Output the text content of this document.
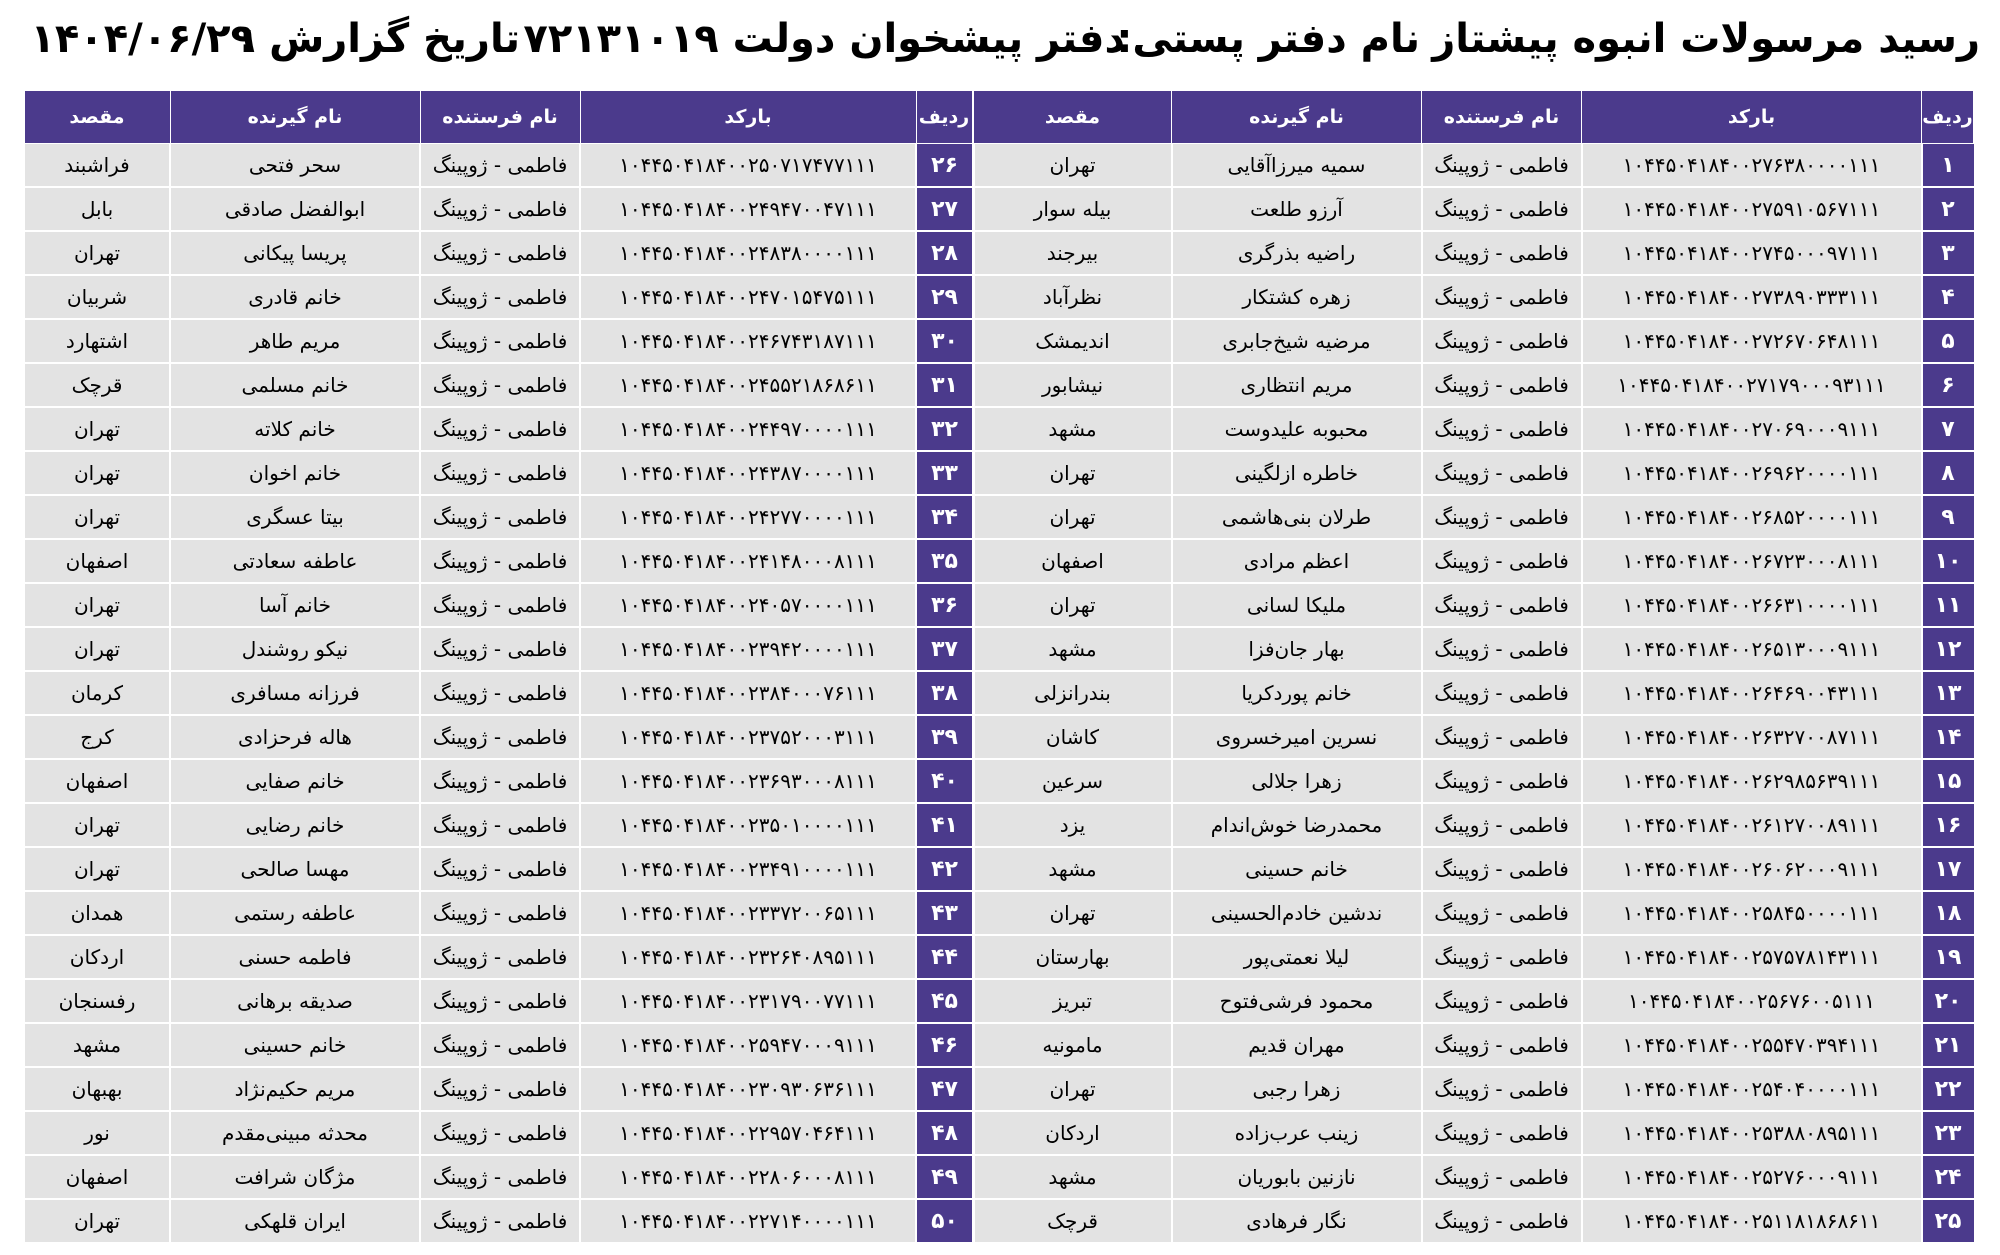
رسید مرسولات انبوه پیشتاز
نام دفتر پستی:
دفتر پیشخوان دولت ۷۲۱۳۱۰۱۹
تاریخ گزارش :
۱۴۰۴/۰۶/۲۹
ردیف	بارکد	نام فرستنده	نام گیرنده	مقصد
۱	۱۰۴۴۵۰۴۱۸۴۰۰۲۷۶۳۸۰۰۰۰۱۱۱	فاطمی - ژوپینگ	سمیه میرزاآقایی	تهران
۲	۱۰۴۴۵۰۴۱۸۴۰۰۲۷۵۹۱۰۵۶۷۱۱۱	فاطمی - ژوپینگ	آرزو طلعت	بیله سوار
۳	۱۰۴۴۵۰۴۱۸۴۰۰۲۷۴۵۰۰۰۹۷۱۱۱	فاطمی - ژوپینگ	راضیه بذرگری	بیرجند
۴	۱۰۴۴۵۰۴۱۸۴۰۰۲۷۳۸۹۰۳۳۳۱۱۱	فاطمی - ژوپینگ	زهره کشتکار	نظرآباد
۵	۱۰۴۴۵۰۴۱۸۴۰۰۲۷۲۶۷۰۶۴۸۱۱۱	فاطمی - ژوپینگ	مرضیه شیخ‌جابری	اندیمشک
۶	۱۰۴۴۵۰۴۱۸۴۰۰۲۷۱۷۹۰۰۰۹۳۱۱۱	فاطمی - ژوپینگ	مریم انتظاری	نیشابور
۷	۱۰۴۴۵۰۴۱۸۴۰۰۲۷۰۶۹۰۰۰۹۱۱۱	فاطمی - ژوپینگ	محبوبه علیدوست	مشهد
۸	۱۰۴۴۵۰۴۱۸۴۰۰۲۶۹۶۲۰۰۰۰۱۱۱	فاطمی - ژوپینگ	خاطره ازلگینی	تهران
۹	۱۰۴۴۵۰۴۱۸۴۰۰۲۶۸۵۲۰۰۰۰۱۱۱	فاطمی - ژوپینگ	طرلان بنی‌هاشمی	تهران
۱۰	۱۰۴۴۵۰۴۱۸۴۰۰۲۶۷۲۳۰۰۰۸۱۱۱	فاطمی - ژوپینگ	اعظم مرادی	اصفهان
۱۱	۱۰۴۴۵۰۴۱۸۴۰۰۲۶۶۳۱۰۰۰۰۱۱۱	فاطمی - ژوپینگ	ملیکا لسانی	تهران
۱۲	۱۰۴۴۵۰۴۱۸۴۰۰۲۶۵۱۳۰۰۰۹۱۱۱	فاطمی - ژوپینگ	بهار جان‌فزا	مشهد
۱۳	۱۰۴۴۵۰۴۱۸۴۰۰۲۶۴۶۹۰۰۴۳۱۱۱	فاطمی - ژوپینگ	خانم پوردکریا	بندرانزلی
۱۴	۱۰۴۴۵۰۴۱۸۴۰۰۲۶۳۲۷۰۰۸۷۱۱۱	فاطمی - ژوپینگ	نسرین امیرخسروی	کاشان
۱۵	۱۰۴۴۵۰۴۱۸۴۰۰۲۶۲۹۸۵۶۳۹۱۱۱	فاطمی - ژوپینگ	زهرا جلالی	سرعین
۱۶	۱۰۴۴۵۰۴۱۸۴۰۰۲۶۱۲۷۰۰۸۹۱۱۱	فاطمی - ژوپینگ	محمدرضا خوش‌اندام	یزد
۱۷	۱۰۴۴۵۰۴۱۸۴۰۰۲۶۰۶۲۰۰۰۹۱۱۱	فاطمی - ژوپینگ	خانم حسینی	مشهد
۱۸	۱۰۴۴۵۰۴۱۸۴۰۰۲۵۸۴۵۰۰۰۰۱۱۱	فاطمی - ژوپینگ	ندشین خادم‌الحسینی	تهران
۱۹	۱۰۴۴۵۰۴۱۸۴۰۰۲۵۷۵۷۸۱۴۳۱۱۱	فاطمی - ژوپینگ	لیلا نعمتی‌پور	بهارستان
۲۰	۱۰۴۴۵۰۴۱۸۴۰۰۲۵۶۷۶۰۰۵۱۱۱	فاطمی - ژوپینگ	محمود فرشی‌فتوح	تبریز
۲۱	۱۰۴۴۵۰۴۱۸۴۰۰۲۵۵۴۷۰۳۹۴۱۱۱	فاطمی - ژوپینگ	مهران قدیم	مامونیه
۲۲	۱۰۴۴۵۰۴۱۸۴۰۰۲۵۴۰۴۰۰۰۰۱۱۱	فاطمی - ژوپینگ	زهرا رجبی	تهران
۲۳	۱۰۴۴۵۰۴۱۸۴۰۰۲۵۳۸۸۰۸۹۵۱۱۱	فاطمی - ژوپینگ	زینب عرب‌زاده	اردکان
۲۴	۱۰۴۴۵۰۴۱۸۴۰۰۲۵۲۷۶۰۰۰۹۱۱۱	فاطمی - ژوپینگ	نازنین بابوریان	مشهد
۲۵	۱۰۴۴۵۰۴۱۸۴۰۰۲۵۱۱۸۱۸۶۸۶۱۱	فاطمی - ژوپینگ	نگار فرهادی	قرچک
ردیف	بارکد	نام فرستنده	نام گیرنده	مقصد
۲۶	۱۰۴۴۵۰۴۱۸۴۰۰۲۵۰۷۱۷۴۷۷۱۱۱	فاطمی - ژوپینگ	سحر فتحی	فراشبند
۲۷	۱۰۴۴۵۰۴۱۸۴۰۰۲۴۹۴۷۰۰۴۷۱۱۱	فاطمی - ژوپینگ	ابوالفضل صادقی	بابل
۲۸	۱۰۴۴۵۰۴۱۸۴۰۰۲۴۸۳۸۰۰۰۰۱۱۱	فاطمی - ژوپینگ	پریسا پیکانی	تهران
۲۹	۱۰۴۴۵۰۴۱۸۴۰۰۲۴۷۰۱۵۴۷۵۱۱۱	فاطمی - ژوپینگ	خانم قادری	شربیان
۳۰	۱۰۴۴۵۰۴۱۸۴۰۰۲۴۶۷۴۳۱۸۷۱۱۱	فاطمی - ژوپینگ	مریم طاهر	اشتهارد
۳۱	۱۰۴۴۵۰۴۱۸۴۰۰۲۴۵۵۲۱۸۶۸۶۱۱	فاطمی - ژوپینگ	خانم مسلمی	قرچک
۳۲	۱۰۴۴۵۰۴۱۸۴۰۰۲۴۴۹۷۰۰۰۰۱۱۱	فاطمی - ژوپینگ	خانم کلاته	تهران
۳۳	۱۰۴۴۵۰۴۱۸۴۰۰۲۴۳۸۷۰۰۰۰۱۱۱	فاطمی - ژوپینگ	خانم اخوان	تهران
۳۴	۱۰۴۴۵۰۴۱۸۴۰۰۲۴۲۷۷۰۰۰۰۱۱۱	فاطمی - ژوپینگ	بیتا عسگری	تهران
۳۵	۱۰۴۴۵۰۴۱۸۴۰۰۲۴۱۴۸۰۰۰۸۱۱۱	فاطمی - ژوپینگ	عاطفه سعادتی	اصفهان
۳۶	۱۰۴۴۵۰۴۱۸۴۰۰۲۴۰۵۷۰۰۰۰۱۱۱	فاطمی - ژوپینگ	خانم آسا	تهران
۳۷	۱۰۴۴۵۰۴۱۸۴۰۰۲۳۹۴۲۰۰۰۰۱۱۱	فاطمی - ژوپینگ	نیکو روشندل	تهران
۳۸	۱۰۴۴۵۰۴۱۸۴۰۰۲۳۸۴۰۰۰۷۶۱۱۱	فاطمی - ژوپینگ	فرزانه مسافری	کرمان
۳۹	۱۰۴۴۵۰۴۱۸۴۰۰۲۳۷۵۲۰۰۰۳۱۱۱	فاطمی - ژوپینگ	هاله فرحزادی	کرج
۴۰	۱۰۴۴۵۰۴۱۸۴۰۰۲۳۶۹۳۰۰۰۸۱۱۱	فاطمی - ژوپینگ	خانم صفایی	اصفهان
۴۱	۱۰۴۴۵۰۴۱۸۴۰۰۲۳۵۰۱۰۰۰۰۱۱۱	فاطمی - ژوپینگ	خانم رضایی	تهران
۴۲	۱۰۴۴۵۰۴۱۸۴۰۰۲۳۴۹۱۰۰۰۰۱۱۱	فاطمی - ژوپینگ	مهسا صالحی	تهران
۴۳	۱۰۴۴۵۰۴۱۸۴۰۰۲۳۳۷۲۰۰۶۵۱۱۱	فاطمی - ژوپینگ	عاطفه رستمی	همدان
۴۴	۱۰۴۴۵۰۴۱۸۴۰۰۲۳۲۶۴۰۸۹۵۱۱۱	فاطمی - ژوپینگ	فاطمه حسنی	اردکان
۴۵	۱۰۴۴۵۰۴۱۸۴۰۰۲۳۱۷۹۰۰۷۷۱۱۱	فاطمی - ژوپینگ	صدیقه برهانی	رفسنجان
۴۶	۱۰۴۴۵۰۴۱۸۴۰۰۲۵۹۴۷۰۰۰۹۱۱۱	فاطمی - ژوپینگ	خانم حسینی	مشهد
۴۷	۱۰۴۴۵۰۴۱۸۴۰۰۲۳۰۹۳۰۶۳۶۱۱۱	فاطمی - ژوپینگ	مریم حکیم‌نژاد	بهبهان
۴۸	۱۰۴۴۵۰۴۱۸۴۰۰۲۲۹۵۷۰۴۶۴۱۱۱	فاطمی - ژوپینگ	محدثه مبینی‌مقدم	نور
۴۹	۱۰۴۴۵۰۴۱۸۴۰۰۲۲۸۰۶۰۰۰۸۱۱۱	فاطمی - ژوپینگ	مژگان شرافت	اصفهان
۵۰	۱۰۴۴۵۰۴۱۸۴۰۰۲۲۷۱۴۰۰۰۰۱۱۱	فاطمی - ژوپینگ	ایران قلهکی	تهران
